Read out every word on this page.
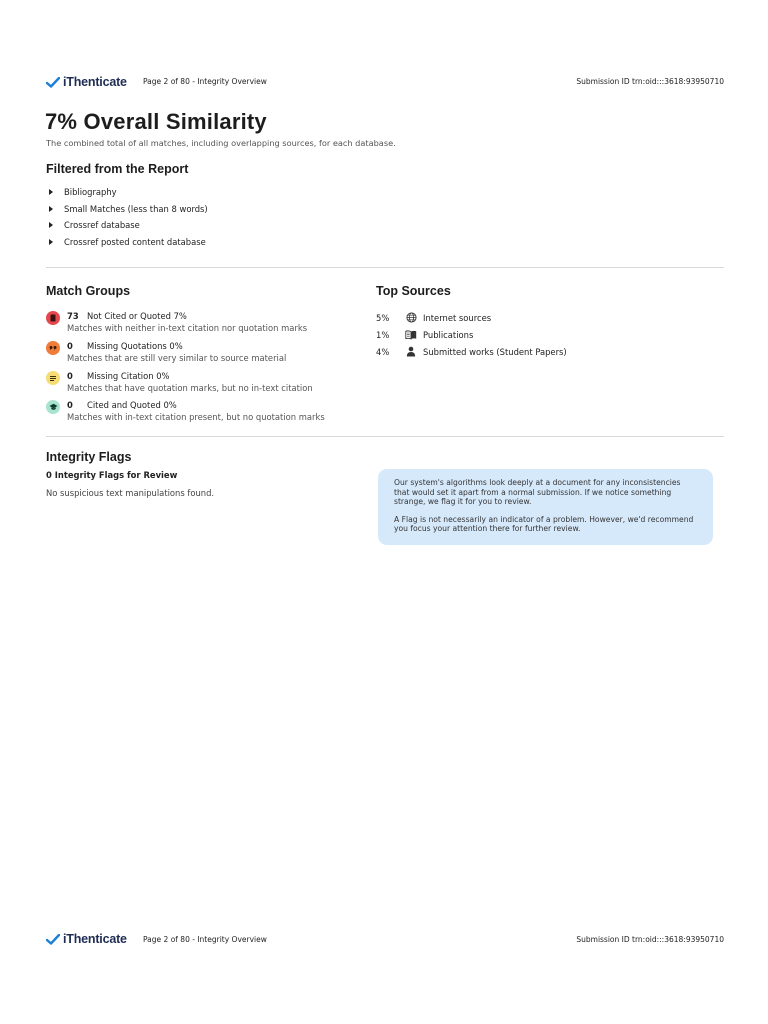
iThenticate Page 2 of 80 - Integrity Overview	Submission ID trn:oid:::3618:93950710
7% Overall Similarity
The combined total of all matches, including overlapping sources, for each database.
Filtered from the Report
Bibliography
Small Matches (less than 8 words)
Crossref database
Crossref posted content database
Match Groups
73 Not Cited or Quoted 7%
Matches with neither in-text citation nor quotation marks
0 Missing Quotations 0%
Matches that are still very similar to source material
0 Missing Citation 0%
Matches that have quotation marks, but no in-text citation
0 Cited and Quoted 0%
Matches with in-text citation present, but no quotation marks
Top Sources
5%	Internet sources
1%	Publications
4%	Submitted works (Student Papers)
Integrity Flags
0 Integrity Flags for Review
No suspicious text manipulations found.

Our system's algorithms look deeply at a document for any inconsistencies that would set it apart from a normal submission. If we notice something strange, we flag it for you to review.

A Flag is not necessarily an indicator of a problem. However, we'd recommend you focus your attention there for further review.

iThenticate Page 2 of 80 - Integrity Overview	Submission ID trn:oid:::3618:93950710
